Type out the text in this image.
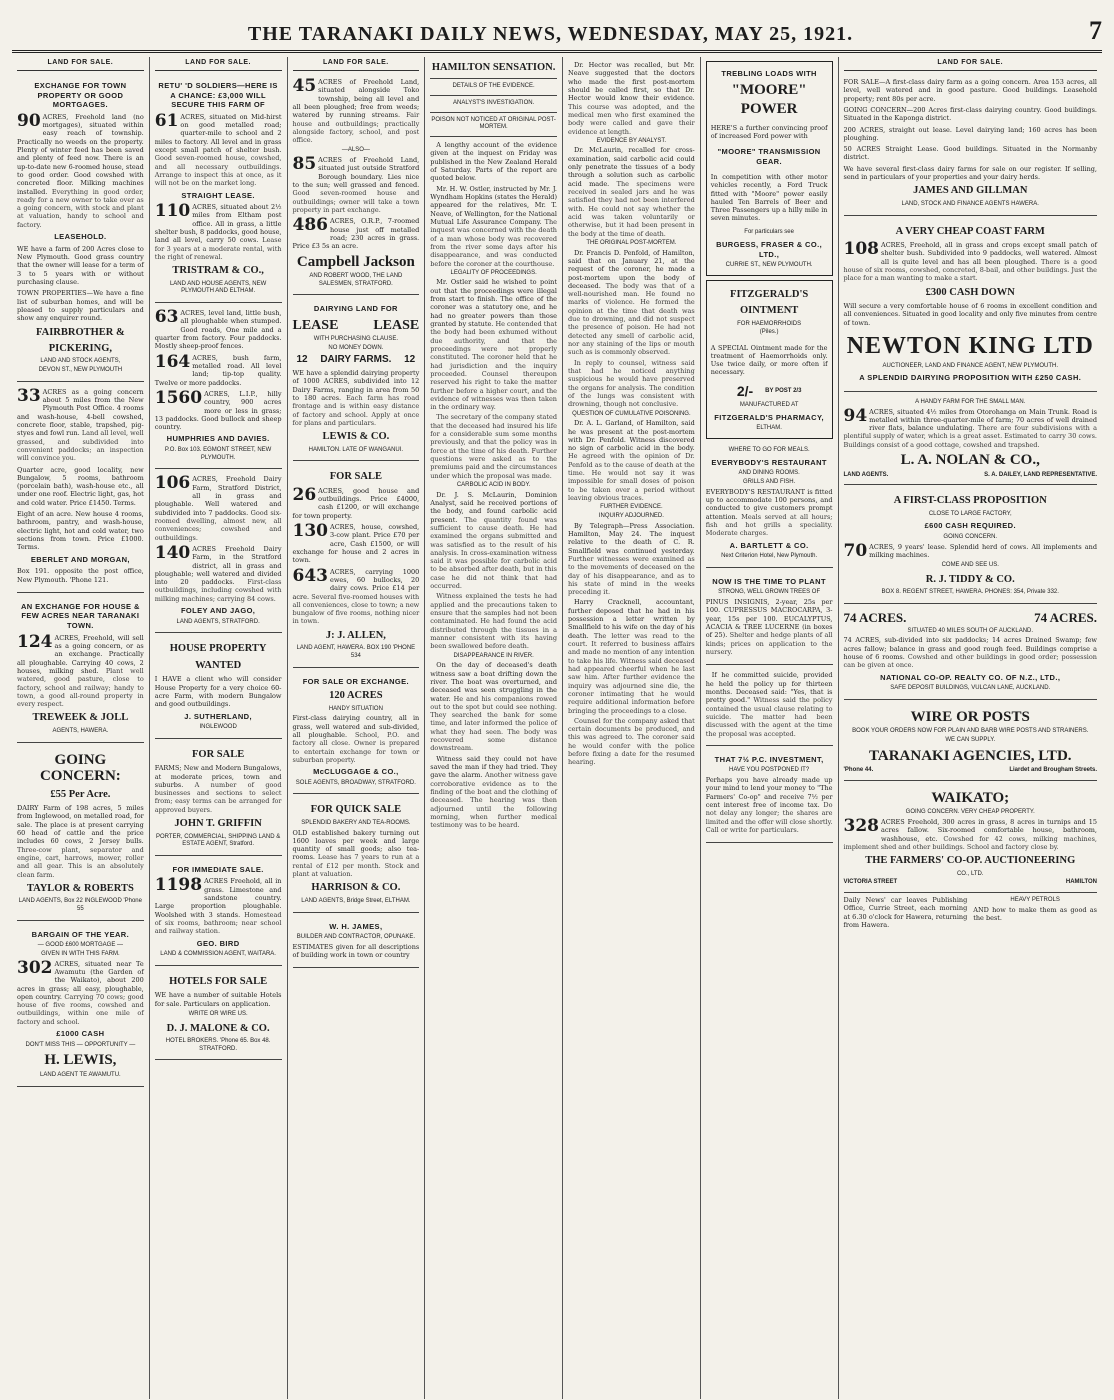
THE TARANAKI DAILY NEWS, WEDNESDAY, MAY 25, 1921.	7
LAND FOR SALE.
EXCHANGE FOR TOWN PROPERTY OR GOOD MORTGAGES.

90 ACRES, Freehold land (no mortgages), situated within easy reach of township. Practically no weeds on the property. Plenty of winter feed has been saved and plenty of feed now. There is an up-to-date new 6-roomed house, stead to good order. Good cowshed with concreted floor. Milking machines installed. Everything in good order, ready for a new owner to take over as a going concern, with stock and plant at valuation, handy to school and factory.

LEASEHOLD.

WE have a farm of 200 Acres close to New Plymouth. Good grass country that the owner will lease for a term of 3 to 5 years with or without purchasing clause.

TOWN PROPERTIES—We have a fine list of suburban homes, and will be pleased to supply particulars and show any enquirer round.

FAIRBROTHER &
PICKERING,
LAND AND STOCK AGENTS,
DEVON ST., NEW PLYMOUTH

33 ACRES as a going concern about 5 miles from the New Plymouth Post Office. 4 rooms and wash-house, 4-bell cowshed, concrete floor, stable, trapshed, pig-styes and fowl run. Land all level, well grassed, and subdivided into convenient paddocks; an inspection will convince you.

Quarter acre, good locality, new Bungalow, 5 rooms, bathroom (porcelain bath), wash-house etc., all under one roof. Electric light, gas, hot and cold water. Price £1450. Terms.

Eight of an acre. New house 4 rooms, bathroom, pantry, and wash-house, electric light, hot and cold water, two sections from town. Price £1000. Terms.

EBERLET AND MORGAN,

Box 191. opposite the post office, New Plymouth. 'Phone 121.

AN EXCHANGE FOR HOUSE & FEW ACRES NEAR TARANAKI TOWN.

124 ACRES, Freehold, will sell as a going concern, or as an exchange. Practically all ploughable. Carrying 40 cows, 2 houses, milking shed. Plant well watered, good pasture, close to factory, school and railway; handy to town, a good all-round property in every respect.

TREWEEK & JOLL
AGENTS, HAWERA.
GOING CONCERN:
£55 Per Acre.

DAIRY Farm of 198 acres, 5 miles from Inglewood, on metalled road, for sale. The place is at present carrying 60 head of cattle and the price includes 60 cows, 2 Jersey bulls. Three-cow plant, separator and engine, cart, harrows, mower, roller and all gear. This is an absolutely clean farm.

TAYLOR & ROBERTS
LAND AGENTS, Box 22 INGLEWOOD 'Phone 55
BARGAIN OF THE YEAR.
— GOOD £600 MORTGAGE —
GIVEN IN WITH THIS FARM.

302 ACRES, situated near Te Awamutu (the Garden of the Waikato), about 200 acres in grass; all easy, ploughable, open country. Carrying 70 cows; good house of five rooms, cowshed and outbuildings, within one mile of factory and school.

£1000 CASH
DON'T MISS THIS — OPPORTUNITY —
H. LEWIS,
LAND AGENT TE AWAMUTU.
LAND FOR SALE.
RETU' 'D SOLDIERS—HERE IS A CHANCE: £3,000 WILL SECURE THIS FARM OF

61 ACRES, situated on Mid-hirst on good metalled road; quarter-mile to school and 2 miles to factory. All level and in grass except small patch of shelter bush. Good seven-roomed house, cowshed, and all necessary outbuildings. Arrange to inspect this at once, as it will not be on the market long.

STRAIGHT LEASE.

110 ACRES, situated about 2½ miles from Eltham post office. All in grass, a little shelter bush, 8 paddocks, good house, land all level, carry 50 cows. Lease for 3 years at a moderate rental, with the right of renewal.

TRISTRAM & CO.,
LAND AND HOUSE AGENTS, NEW PLYMOUTH AND ELTHAM.

63 ACRES, level land, little bush, all ploughable when stumped. Good roads, One mile and a quarter from factory. Four paddocks. Mostly sheep-proof fences.

164 ACRES, bush farm, metalled road. All level land; tip-top quality. Twelve or more paddocks.

1560 ACRES, L.I.P., hilly country, 900 acres more or less in grass; 13 paddocks. Good bullock and sheep country.

HUMPHRIES AND DAVIES.
P.O. Box 103. EGMONT STREET, NEW PLYMOUTH.

106 ACRES, Freehold Dairy Farm, Stratford District, all in grass and ploughable. Well watered and subdivided into 7 paddocks. Good six-roomed dwelling, almost new, all conveniences; cowshed and outbuildings.

140 ACRES Freehold Dairy Farm, in the Stratford district, all in grass and ploughable; well watered and divided into 20 paddocks. First-class outbuildings, including cowshed with milking machines; carrying 84 cows.

FOLEY AND JAGO,
LAND AGENTS, STRATFORD.
HOUSE PROPERTY
WANTED

I HAVE a client who will consider House Property for a very choice 60-acre Farm, with modern Bungalow and good outbuildings.

J. SUTHERLAND,
INGLEWOOD
FOR SALE

FARMS; New and Modern Bungalows, at moderate prices, town and suburbs. A number of good businesses and sections to select from; easy terms can be arranged for approved buyers.

JOHN T. GRIFFIN
PORTER, COMMERCIAL, SHIPPING LAND & ESTATE AGENT, Stratford.
FOR IMMEDIATE SALE.

1198 ACRES Freehold, all in grass. Limestone and sandstone country. Large proportion ploughable. Woolshed with 3 stands. Homestead of six rooms, bathroom; near school and railway station.

GEO. BIRD
LAND & COMMISSION AGENT, WAITARA.
HOTELS FOR SALE

WE have a number of suitable Hotels for sale. Particulars on application.

WRITE OR WIRE US.
D. J. MALONE & CO.
HOTEL BROKERS. 'Phone 65. Box 48. STRATFORD.
LAND FOR SALE.

45 ACRES of Freehold Land, situated alongside Toko township, being all level and all been ploughed; free from weeds; watered by running streams. Fair house and outbuildings; practically alongside factory, school, and post office.

—ALSO—

85 ACRES of Freehold Land, situated just outside Stratford Borough boundary. Lies nice to the sun; well grassed and fenced. Good seven-roomed house and outbuildings; owner will take a town property in part exchange.

486 ACRES, O.R.P., 7-roomed house just off metalled road; 230 acres in grass. Price £3 5s an acre.

Campbell Jackson
AND ROBERT WOOD, THE LAND SALESMEN, STRATFORD.
DAIRYING LAND FOR
LEASE LEASE
WITH PURCHASING CLAUSE.
NO MONEY DOWN.
12 DAIRY FARMS. 12

WE have a splendid dairying property of 1000 ACRES, subdivided into 12 Dairy Farms, ranging in area from 50 to 180 acres. Each farm has road frontage and is within easy distance of factory and school. Apply at once for plans and particulars.

LEWIS & CO.
HAMILTON. LATE OF WANGANUI.
FOR SALE

26 ACRES, good house and outbuildings. Price £4000, cash £1200, or will exchange for town property.

130 ACRES, house, cowshed, 3-cow plant. Price £70 per acre, Cash £1500, or will exchange for house and 2 acres in town.

643 ACRES, carrying 1000 ewes, 60 bullocks, 20 dairy cows. Price £14 per acre. Several five-roomed houses with all conveniences, close to town; a new bungalow of five rooms, nothing nicer in town.

J: J. ALLEN,
LAND AGENT, HAWERA. BOX 190 'PHONE 534
FOR SALE OR EXCHANGE.
120 ACRES
HANDY SITUATION

First-class dairying country, all in grass, well watered and sub-divided, all ploughable. School, P.O. and factory all close. Owner is prepared to entertain exchange for town or suburban property.

McCLUGGAGE & CO.,
SOLE AGENTS, BROADWAY, STRATFORD.
FOR QUICK SALE
SPLENDID BAKERY AND TEA-ROOMS.

OLD established bakery turning out 1600 loaves per week and large quantity of small goods; also tea-rooms. Lease has 7 years to run at a rental of £12 per month. Stock and plant at valuation.

HARRISON & CO.
LAND AGENTS, Bridge Street, ELTHAM.
W. H. JAMES,
BUILDER AND CONTRACTOR, OPUNAKE.

ESTIMATES given for all descriptions of building work in town or country

HAMILTON SENSATION.
DETAILS OF THE EVIDENCE.
ANALYST'S INVESTIGATION.
POISON NOT NOTICED AT ORIGINAL POST-MORTEM.

A lengthy account of the evidence given at the inquest on Friday was published in the New Zealand Herald of Saturday. Parts of the report are quoted below.

Mr. H. W. Ostler, instructed by Mr. J. Wyndham Hopkins (states the Herald) appeared for the relatives, Mr. T. Neave, of Wellington, for the National Mutual Life Assurance Company. The inquest was concerned with the death of a man whose body was recovered from the river some days after his disappearance, and was conducted before the coroner at the courthouse.

LEGALITY OF PROCEEDINGS.

Mr. Ostler said he wished to point out that the proceedings were illegal from start to finish. The office of the coroner was a statutory one, and he had no greater powers than those granted by statute. He contended that the body had been exhumed without due authority, and that the proceedings were not properly constituted. The coroner held that he had jurisdiction and the inquiry proceeded. Counsel thereupon reserved his right to take the matter further before a higher court, and the evidence of witnesses was then taken in the ordinary way.

The secretary of the company stated that the deceased had insured his life for a considerable sum some months previously, and that the policy was in force at the time of his death. Further questions were asked as to the premiums paid and the circumstances under which the proposal was made.

CARBOLIC ACID IN BODY.

Dr. J. S. McLaurin, Dominion Analyst, said he received portions of the body, and found carbolic acid present. The quantity found was sufficient to cause death. He had examined the organs submitted and was satisfied as to the result of his analysis. In cross-examination witness said it was possible for carbolic acid to be absorbed after death, but in this case he did not think that had occurred.

Witness explained the tests he had applied and the precautions taken to ensure that the samples had not been contaminated. He had found the acid distributed through the tissues in a manner consistent with its having been swallowed before death.

DISAPPEARANCE IN RIVER.

On the day of deceased's death witness saw a boat drifting down the river. The boat was overturned, and deceased was seen struggling in the water. He and his companions rowed out to the spot but could see nothing. They searched the bank for some time, and later informed the police of what they had seen. The body was recovered some distance downstream.

Witness said they could not have saved the man if they had tried. They gave the alarm. Another witness gave corroborative evidence as to the finding of the boat and the clothing of deceased. The hearing was then adjourned until the following morning, when further medical testimony was to be heard.

Dr. Hector was recalled, but Mr. Neave suggested that the doctors who made the first post-mortem should be called first, so that Dr. Hector would know their evidence. This course was adopted, and the medical men who first examined the body were called and gave their evidence at length.

EVIDENCE BY ANALYST.

Dr. McLaurin, recalled for cross-examination, said carbolic acid could only penetrate the tissues of a body through a solution such as carbolic acid made. The specimens were received in sealed jars and he was satisfied they had not been interfered with. He could not say whether the acid was taken voluntarily or otherwise, but it had been present in the body at the time of death.

THE ORIGINAL POST-MORTEM.

Dr. Francis D. Penfold, of Hamilton, said that on January 21, at the request of the coroner, he made a post-mortem upon the body of deceased. The body was that of a well-nourished man. He found no marks of violence. He formed the opinion at the time that death was due to drowning, and did not suspect the presence of poison. He had not detected any smell of carbolic acid, nor any staining of the lips or mouth such as is commonly observed.

In reply to counsel, witness said that had he noticed anything suspicious he would have preserved the organs for analysis. The condition of the lungs was consistent with drowning, though not conclusive.

QUESTION OF CUMULATIVE POISONING.

Dr. A. L. Garland, of Hamilton, said he was present at the post-mortem with Dr. Penfold. Witness discovered no sign of carbolic acid in the body. He agreed with the opinion of Dr. Penfold as to the cause of death at the time. He would not say it was impossible for small doses of poison to be taken over a period without leaving obvious traces.

FURTHER EVIDENCE.
INQUIRY ADJOURNED.

By Telegraph—Press Association. Hamilton, May 24. The inquest relative to the death of C. R. Smallfield was continued yesterday. Further witnesses were examined as to the movements of deceased on the day of his disappearance, and as to his state of mind in the weeks preceding it.

Harry Cracknell, accountant, further deposed that he had in his possession a letter written by Smallfield to his wife on the day of his death. The letter was read to the court. It referred to business affairs and made no mention of any intention to take his life. Witness said deceased had appeared cheerful when he last saw him. After further evidence the inquiry was adjourned sine die, the coroner intimating that he would require additional information before bringing the proceedings to a close.

Counsel for the company asked that certain documents be produced, and this was agreed to. The coroner said he would confer with the police before fixing a date for the resumed hearing.

TREBLING LOADS WITH
"MOORE"
POWER

HERE'S a further convincing proof of increased Ford power with

"MOORE" TRANSMISSION GEAR.

In competition with other motor vehicles recently, a Ford Truck fitted with "Moore" power easily hauled Ten Barrels of Beer and Three Passengers up a hilly mile in seven minutes.

For particulars see
BURGESS, FRASER & CO., LTD.,
CURRIE ST., NEW PLYMOUTH.
FITZGERALD'S
OINTMENT
FOR HAEMORRHOIDS
(Piles.)

A SPECIAL Ointment made for the treatment of Haemorrhoids only. Use twice daily, or more often if necessary.

2/- BY POST 2/3
MANUFACTURED AT
FITZGERALD'S PHARMACY,
ELTHAM.
WHERE TO GO FOR MEALS.
EVERYBODY'S RESTAURANT
AND DINING ROOMS.
GRILLS AND FISH.

EVERYBODY'S RESTAURANT is fitted up to accommodate 100 persons, and conducted to give customers prompt attention. Meals served at all hours; fish and hot grills a speciality. Moderate charges.

A. BARTLETT & CO.
Next Criterion Hotel, New Plymouth.
NOW IS THE TIME TO PLANT
STRONG, WELL GROWN TREES OF

PINUS INSIGNIS, 2-year, 25s per 100. CUPRESSUS MACROCARPA, 3-year, 15s per 100. EUCALYPTUS, ACACIA & TREE LUCERNE (in boxes of 25). Shelter and hedge plants of all kinds; prices on application to the nursery.

If he committed suicide, provided he held the policy up for thirteen months. Deceased said: "Yes, that is pretty good." Witness said the policy contained the usual clause relating to suicide. The matter had been discussed with the agent at the time the proposal was accepted.

THAT 7½ P.C. INVESTMENT,
HAVE YOU POSTPONED IT?

Perhaps you have already made up your mind to lend your money to "The Farmers' Co-op" and receive 7½ per cent interest free of income tax. Do not delay any longer; the shares are limited and the offer will close shortly. Call or write for particulars.

LAND FOR SALE.

FOR SALE—A first-class dairy farm as a going concern. Area 153 acres, all level, well watered and in good pasture. Good buildings. Leasehold property; rent 80s per acre.

GOING CONCERN—200 Acres first-class dairying country. Good buildings. Situated in the Kaponga district.

200 ACRES, straight out lease. Level dairying land; 160 acres has been ploughing.

50 ACRES Straight Lease. Good buildings. Situated in the Normanby district.

We have several first-class dairy farms for sale on our register. If selling, send in particulars of your properties and your dairy herds.

JAMES AND GILLMAN
LAND, STOCK AND FINANCE AGENTS HAWERA.
A VERY CHEAP COAST FARM

108 ACRES, Freehold, all in grass and crops except small patch of shelter bush. Subdivided into 9 paddocks, well watered. Almost all is quite level and has all been ploughed. There is a good house of six rooms, cowshed, concreted, 8-bail, and other buildings. Just the place for a man wanting to make a start.

£300 CASH DOWN

Will secure a very comfortable house of 6 rooms in excellent condition and all conveniences. Situated in good locality and only five minutes from centre of town.

NEWTON KING LTD
AUCTIONEER, LAND AND FINANCE AGENT, NEW PLYMOUTH.
A SPLENDID DAIRYING PROPOSITION WITH £250 CASH.
A HANDY FARM FOR THE SMALL MAN.

94 ACRES, situated 4½ miles from Otorohanga on Main Trunk. Road is metalled within three-quarter-mile of farm; 70 acres of well drained river flats, balance undulating. There are four subdivisions with a plentiful supply of water, which is a great asset. Estimated to carry 30 cows. Buildings consist of a good cottage, cowshed and trapshed.

L. A. NOLAN & CO.,
LAND AGENTS.	S. A. DAILEY, LAND REPRESENTATIVE.
A FIRST-CLASS PROPOSITION
CLOSE TO LARGE FACTORY,
£600 CASH REQUIRED.
GOING CONCERN.

70 ACRES, 9 years' lease. Splendid herd of cows. All implements and milking machines.

COME AND SEE US.
R. J. TIDDY & CO.
BOX 8. REGENT STREET, HAWERA. PHONES: 354, Private 332.
74 ACRES.	74 ACRES.
SITUATED 40 MILES SOUTH OF AUCKLAND.

74 ACRES, sub-divided into six paddocks; 14 acres Drained Swamp; few acres fallow; balance in grass and good rough feed. Buildings comprise a house of 6 rooms. Cowshed and other buildings in good order; possession can be given at once.

NATIONAL CO-OP. REALTY CO. OF N.Z., LTD.,
SAFE DEPOSIT BUILDINGS, VULCAN LANE, AUCKLAND.
WIRE OR POSTS
BOOK YOUR ORDERS NOW FOR PLAIN AND BARB WIRE POSTS AND STRAINERS.
WE CAN SUPPLY.
TARANAKI AGENCIES, LTD.
'Phone 44.	Liardet and Brougham Streets.
WAIKATO;
GOING CONCERN. VERY CHEAP PROPERTY.

328 ACRES Freehold, 300 acres in grass, 8 acres in turnips and 15 acres fallow. Six-roomed comfortable house, bathroom, washhouse, etc. Cowshed for 42 cows, milking machines, implement shed and other buildings. School and factory close by.

THE FARMERS' CO-OP. AUCTIONEERING
CO., LTD.
VICTORIA STREET	HAMILTON

Daily News' car leaves Publishing Office, Currie Street, each morning at 6.30 o'clock for Hawera, returning from Hawera.

HEAVY PETROLS

AND how to make them as good as the best.
